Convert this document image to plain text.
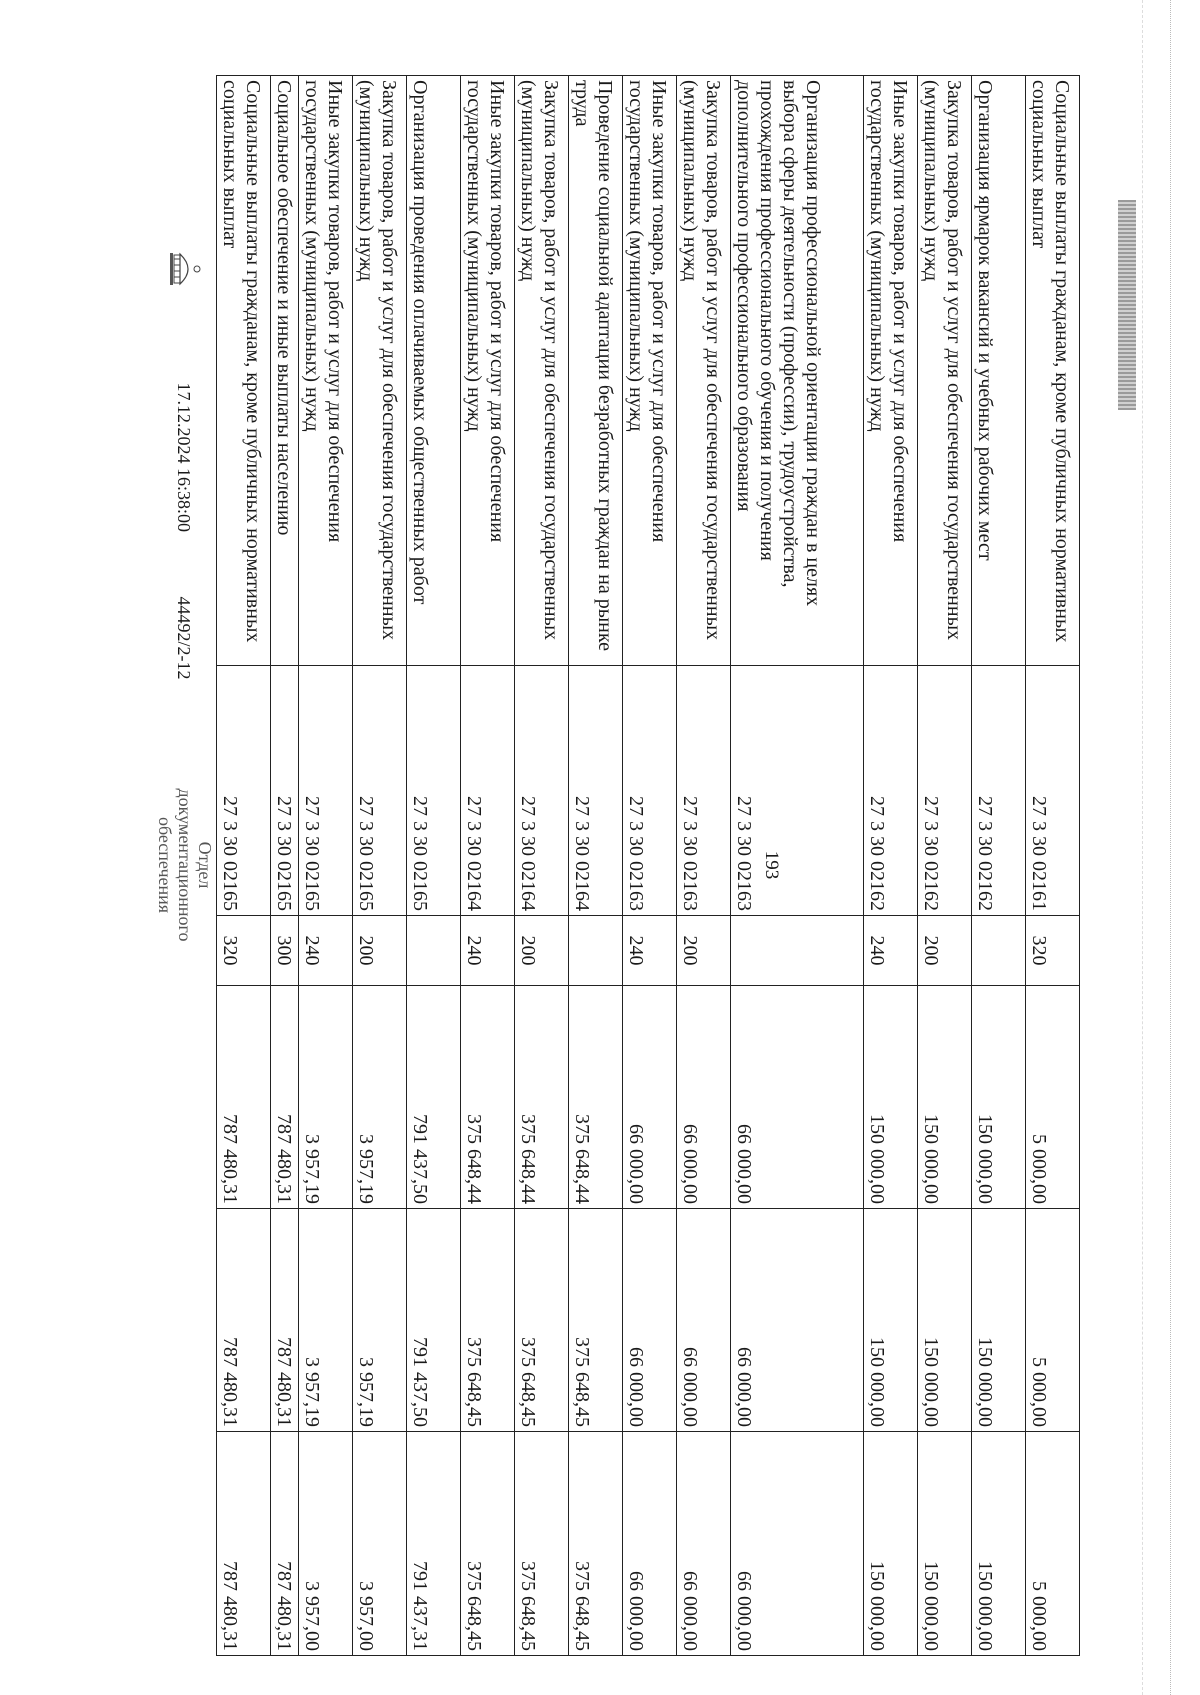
193
Социальные выплаты гражданам, кроме публичных нормативных социальных выплат	27 3 30 02161	320	5 000,00	5 000,00	5 000,00
Организация ярмарок вакансий и учебных рабочих мест	27 3 30 02162		150 000,00	150 000,00	150 000,00
Закупка товаров, работ и услуг для обеспечения государственных (муниципальных) нужд	27 3 30 02162	200	150 000,00	150 000,00	150 000,00
Иные закупки товаров, работ и услуг для обеспечения государственных (муниципальных) нужд	27 3 30 02162	240	150 000,00	150 000,00	150 000,00
Организация профессиональной ориентации граждан в целях выбора сферы деятельности (профессии), трудоустройства, прохождения профессионального обучения и получения дополнительного профессионального образования	27 3 30 02163		66 000,00	66 000,00	66 000,00
Закупка товаров, работ и услуг для обеспечения государственных (муниципальных) нужд	27 3 30 02163	200	66 000,00	66 000,00	66 000,00
Иные закупки товаров, работ и услуг для обеспечения государственных (муниципальных) нужд	27 3 30 02163	240	66 000,00	66 000,00	66 000,00
Проведение социальной адаптации безработных граждан на рынке труда	27 3 30 02164		375 648,44	375 648,45	375 648,45
Закупка товаров, работ и услуг для обеспечения государственных (муниципальных) нужд	27 3 30 02164	200	375 648,44	375 648,45	375 648,45
Иные закупки товаров, работ и услуг для обеспечения государственных (муниципальных) нужд	27 3 30 02164	240	375 648,44	375 648,45	375 648,45
Организация проведения оплачиваемых общественных работ	27 3 30 02165		791 437,50	791 437,50	791 437,31
Закупка товаров, работ и услуг для обеспечения государственных (муниципальных) нужд	27 3 30 02165	200	3 957,19	3 957,19	3 957,00
Иные закупки товаров, работ и услуг для обеспечения государственных (муниципальных) нужд	27 3 30 02165	240	3 957,19	3 957,19	3 957,00
Социальное обеспечение и иные выплаты населению	27 3 30 02165	300	787 480,31	787 480,31	787 480,31
Социальные выплаты гражданам, кроме публичных нормативных социальных выплат	27 3 30 02165	320	787 480,31	787 480,31	787 480,31
17.12.2024 16:38:00 44492/2-12
Отдел документационного обеспечения
